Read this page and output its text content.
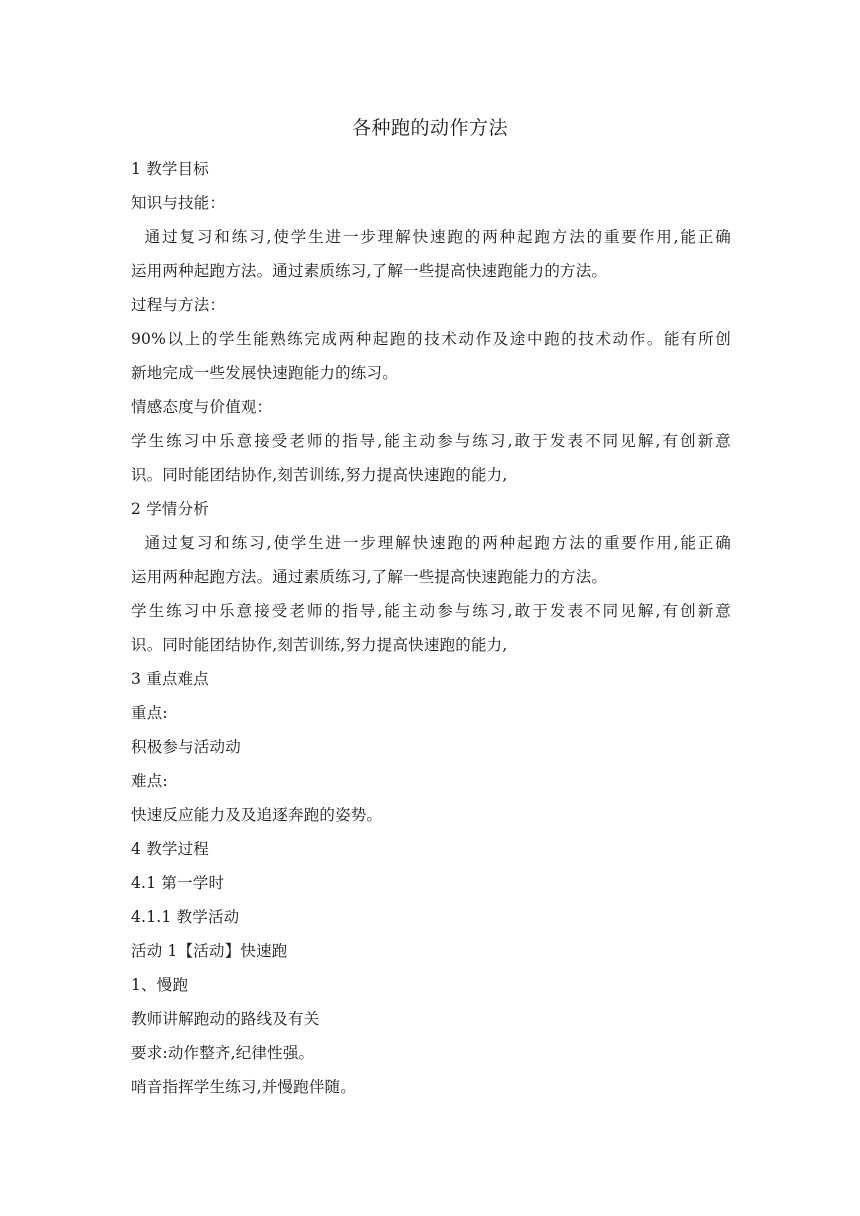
各种跑的动作方法
1 教学目标
知识与技能：
通过复习和练习,使学生进一步理解快速跑的两种起跑方法的重要作用,能正确
运用两种起跑方法。通过素质练习,了解一些提高快速跑能力的方法。
过程与方法：
90%以上的学生能熟练完成两种起跑的技术动作及途中跑的技术动作。能有所创
新地完成一些发展快速跑能力的练习。
情感态度与价值观：
学生练习中乐意接受老师的指导,能主动参与练习,敢于发表不同见解,有创新意
识。同时能团结协作,刻苦训练,努力提高快速跑的能力,
2 学情分析
通过复习和练习,使学生进一步理解快速跑的两种起跑方法的重要作用,能正确
运用两种起跑方法。通过素质练习,了解一些提高快速跑能力的方法。
学生练习中乐意接受老师的指导,能主动参与练习,敢于发表不同见解,有创新意
识。同时能团结协作,刻苦训练,努力提高快速跑的能力,
3 重点难点
重点:
积极参与活动动
难点:
快速反应能力及及追逐奔跑的姿势。
4 教学过程
4.1 第一学时
4.1.1 教学活动
活动 1【活动】快速跑
1、慢跑
教师讲解跑动的路线及有关
要求:动作整齐,纪律性强。
哨音指挥学生练习,并慢跑伴随。
